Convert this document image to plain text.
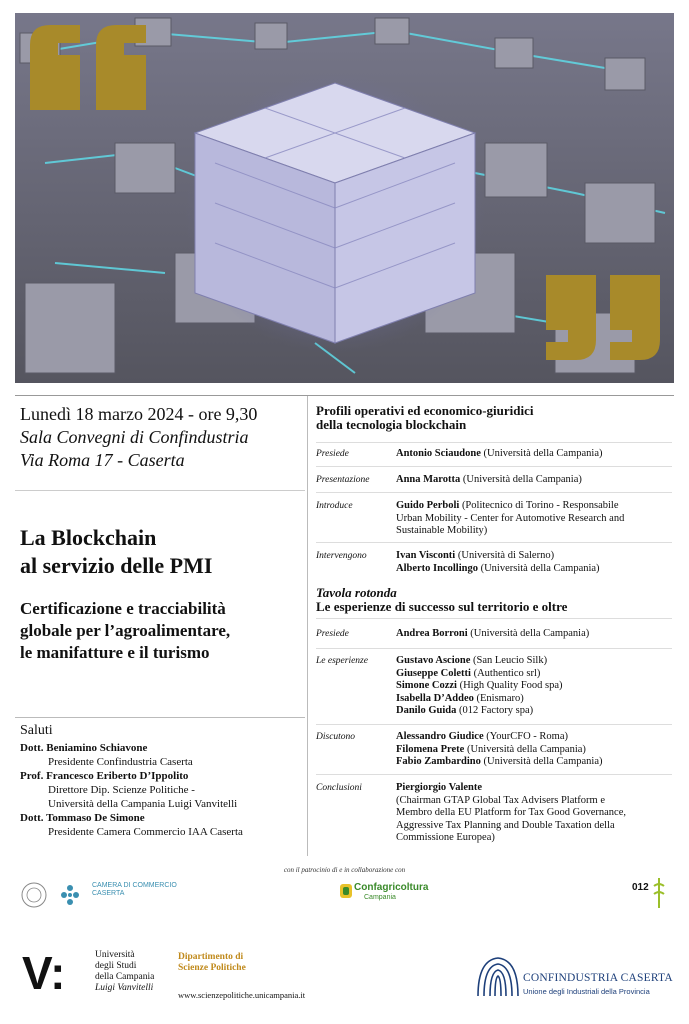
Lunedì 18 marzo 2024 - ore 9,30
Sala Convegni di Confindustria
Via Roma 17 - Caserta
La Blockchain
al servizio delle PMI
Certificazione e tracciabilità
globale per l’agroalimentare,
le manifatture e il turismo
Saluti
Dott. Beniamino Schiavone
Presidente Confindustria Caserta
Prof. Francesco Eriberto D’Ippolito
Direttore Dip. Scienze Politiche -
Università della Campania Luigi Vanvitelli
Dott. Tommaso De Simone
Presidente Camera Commercio IAA Caserta
Profili operativi ed economico-giuridici
della tecnologia blockchain
Presiede	Antonio Sciaudone (Università della Campania)
Presentazione	Anna Marotta (Università della Campania)
Introduce	Guido Perboli (Politecnico di Torino - Responsabile
Urban Mobility - Center for Automotive Research and
Sustainable Mobility)
Intervengono	Ivan Visconti (Università di Salerno)
Alberto Incollingo (Università della Campania)
Tavola rotonda
Le esperienze di successo sul territorio e oltre
Presiede	Andrea Borroni (Università della Campania)
Le esperienze	Gustavo Ascione (San Leucio Silk)
Giuseppe Coletti (Authentico srl)
Simone Cozzi (High Quality Food spa)
Isabella D’Addeo (Enismaro)
Danilo Guida (012 Factory spa)
Discutono	Alessandro Giudice (YourCFO - Roma)
Filomena Prete (Università della Campania)
Fabio Zambardino (Università della Campania)
Conclusioni	Piergiorgio Valente
(Chairman GTAP Global Tax Advisers Platform e
Membro della EU Platform for Tax Good Governance,
Aggressive Tax Planning and Double Taxation della
Commissione Europea)
con il patrocinio di e in collaborazione con
CAMERA DI COMMERCIO
CASERTA
Confagricoltura
Campania
012
V:	Università
degli Studi
della Campania
Luigi Vanvitelli
Dipartimento di
Scienze Politiche
www.scienzepolitiche.unicampania.it
CONFINDUSTRIA CASERTA
Unione degli Industriali della Provincia
